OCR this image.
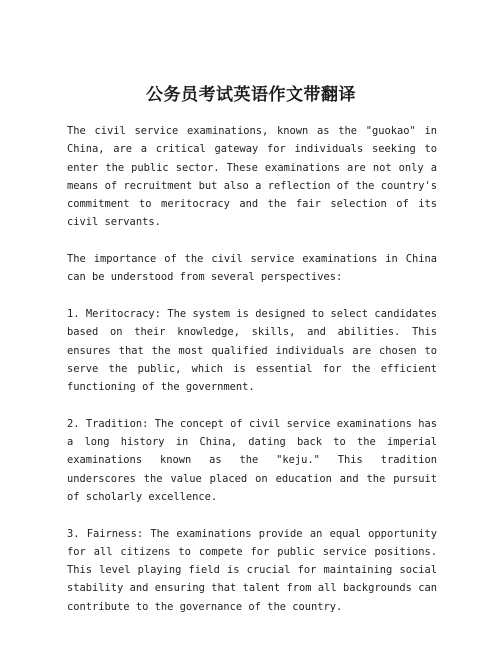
公务员考试英语作文带翻译

The civil service examinations, known as the "guokao" in China, are a critical gateway for individuals seeking to enter the public sector. These examinations are not only a means of recruitment but also a reflection of the country's commitment to meritocracy and the fair selection of its civil servants.

The importance of the civil service examinations in China can be understood from several perspectives:

1. Meritocracy: The system is designed to select candidates based on their knowledge, skills, and abilities. This ensures that the most qualified individuals are chosen to serve the public, which is essential for the efficient functioning of the government.

2. Tradition: The concept of civil service examinations has a long history in China, dating back to the imperial examinations known as the "keju." This tradition underscores the value placed on education and the pursuit of scholarly excellence.

3. Fairness: The examinations provide an equal opportunity for all citizens to compete for public service positions. This level playing field is crucial for maintaining social stability and ensuring that talent from all backgrounds can contribute to the governance of the country.
